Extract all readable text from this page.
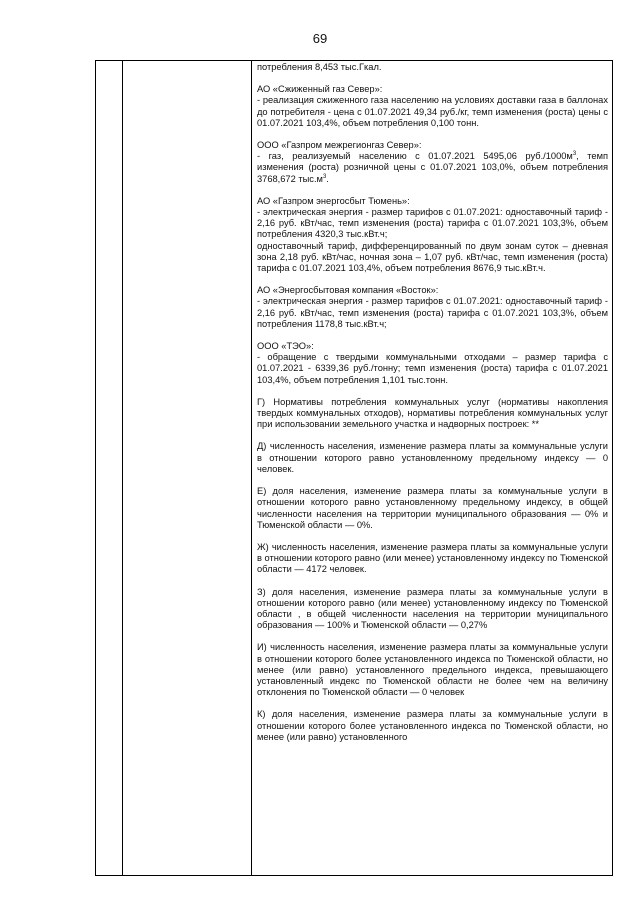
69

потребления 8,453 тыс.Гкал.

АО «Сжиженный газ Север»:

- реализация сжиженного газа населению на условиях доставки газа в баллонах до потребителя - цена с 01.07.2021 49,34 руб./кг, темп изменения (роста) цены с 01.07.2021 103,4%, объем потребления 0,100 тонн.

ООО «Газпром межрегионгаз Север»:

- газ, реализуемый населению с 01.07.2021 5495,06 $руб./1000м^3$, темп изменения (роста) розничной цены с 01.07.2021 103,0%, объем потребления 3768,672 $тыс.м^3$.

АО «Газпром энергосбыт Тюмень»:

- электрическая энергия - размер тарифов с 01.07.2021: одноставочный тариф - 2,16 руб. кВт/час, темп изменения (роста) тарифа с 01.07.2021 103,3%, объем потребления 4320,3 тыс.кВт.ч;

одноставочный тариф, дифференцированный по двум зонам суток – дневная зона 2,18 руб. кВт/час, ночная зона – 1,07 руб. кВт/час, темп изменения (роста) тарифа с 01.07.2021 103,4%, объем потребления 8676,9 тыс.кВт.ч.

АО «Энергосбытовая компания «Восток»:

- электрическая энергия - размер тарифов с 01.07.2021: одноставочный тариф - 2,16 руб. кВт/час, темп изменения (роста) тарифа с 01.07.2021 103,3%, объем потребления 1178,8 тыс.кВт.ч;

ООО «ТЭО»:

- обращение с твердыми коммунальными отходами – размер тарифа с 01.07.2021 - 6339,36 руб./тонну; темп изменения (роста) тарифа с 01.07.2021 103,4%, объем потребления 1,101 тыс.тонн.

Г) Нормативы потребления коммунальных услуг (нормативы накопления твердых коммунальных отходов), нормативы потребления коммунальных услуг при использовании земельного участка и надворных построек: **

Д) численность населения, изменение размера платы за коммунальные услуги в отношении которого равно установленному предельному индексу — 0 человек.

Е) доля населения, изменение размера платы за коммунальные услуги в отношении которого равно установленному предельному индексу, в общей численности населения на территории муниципального образования — 0% и Тюменской области — 0%.

Ж) численность населения, изменение размера платы за коммунальные услуги в отношении которого равно (или менее) установленному индексу по Тюменской области — 4172 человек.

З) доля населения, изменение размера платы за коммунальные услуги в отношении которого равно (или менее) установленному индексу по Тюменской области , в общей численности населения на территории муниципального образования — 100% и Тюменской области — 0,27%

И) численность населения, изменение размера платы за коммунальные услуги в отношении которого более установленного индекса по Тюменской области, но менее (или равно) установленного предельного индекса, превышающего установленный индекс по Тюменской области не более чем на величину отклонения по Тюменской области — 0 человек

К) доля населения, изменение размера платы за коммунальные услуги в отношении которого более установленного индекса по Тюменской области, но менее (или равно) установленного
